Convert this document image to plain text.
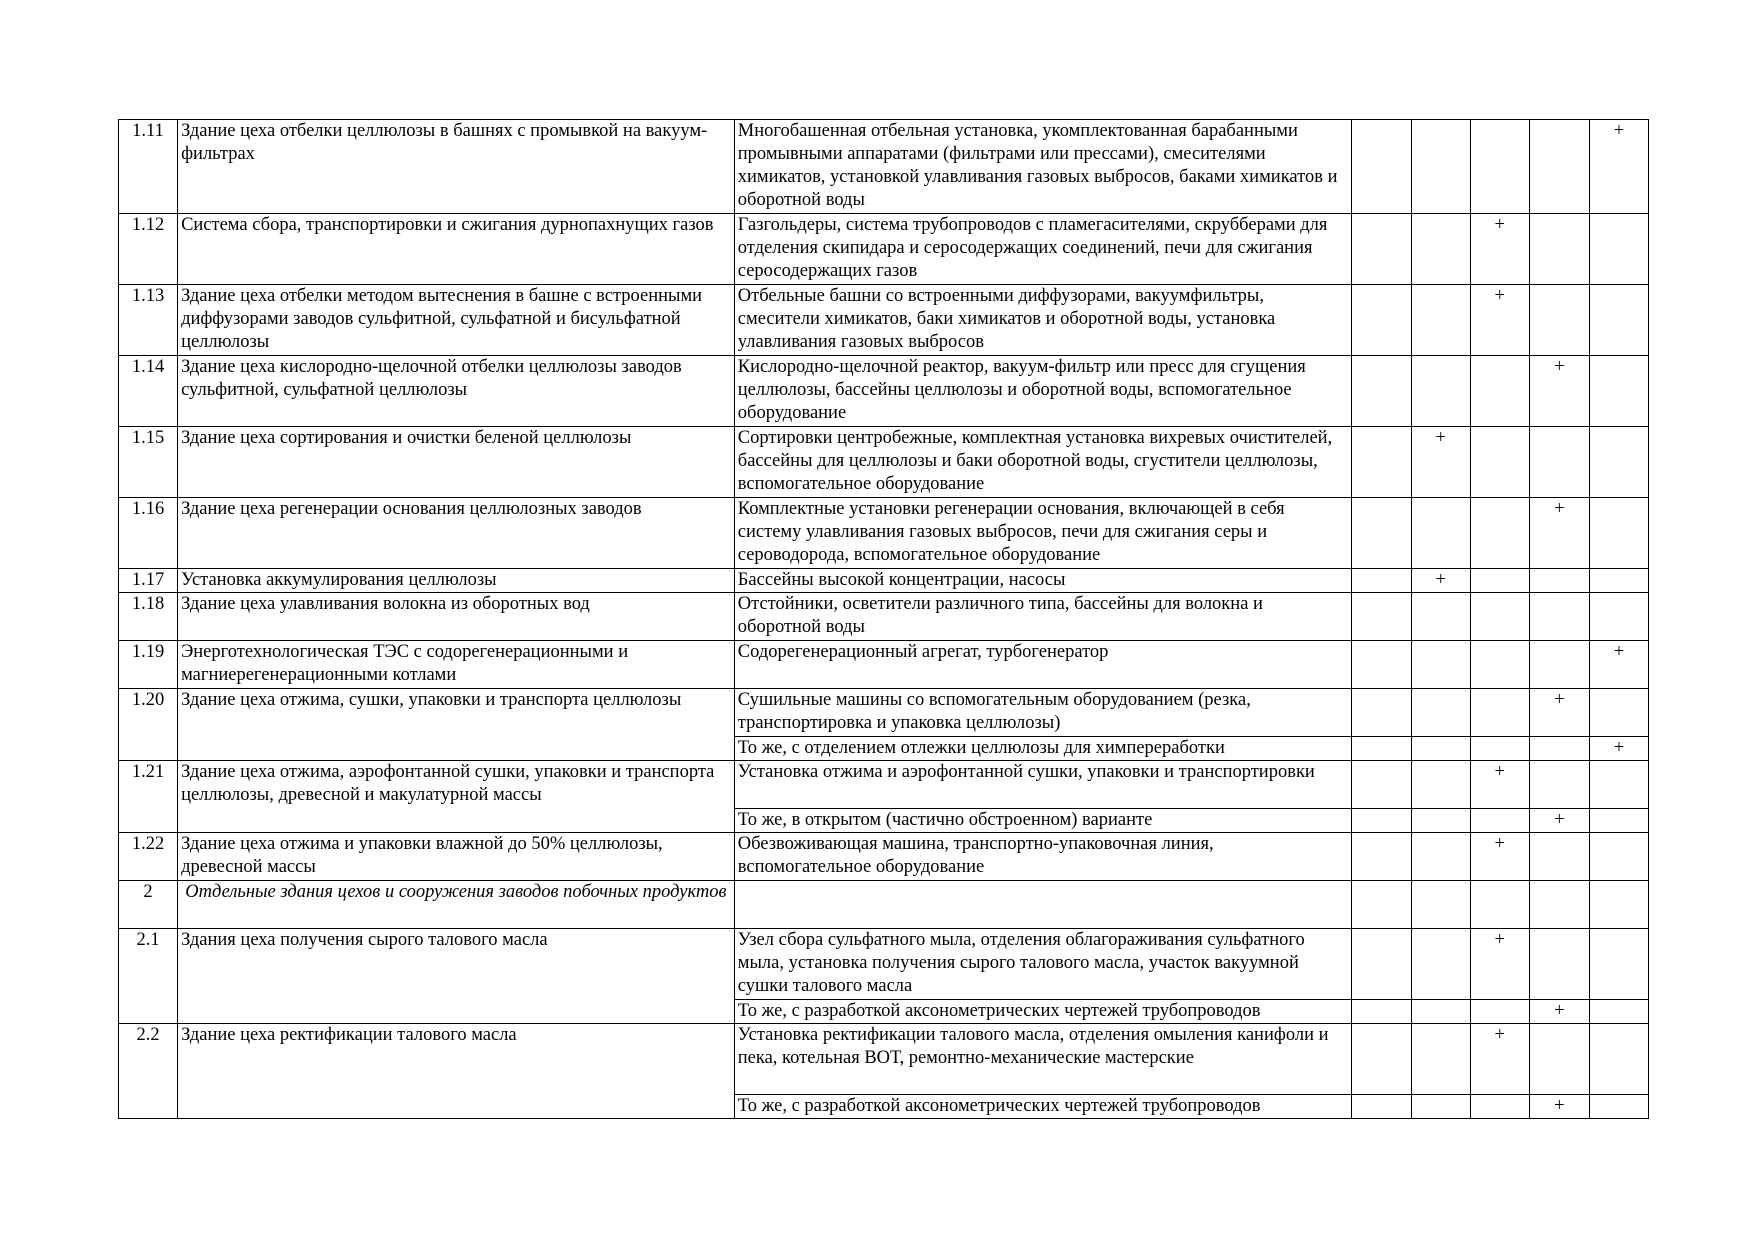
1.11	Здание цеха отбелки целлюлозы в башнях с промывкой на вакуум-фильтрах	Многобашенная отбельная установка, укомплектованная барабанными промывными аппаратами (фильтрами или прессами), смесителями химикатов, установкой улавливания газовых выбросов, баками химикатов и оборотной воды					+
1.12	Система сбора, транспортировки и сжигания дурнопахнущих газов	Газгольдеры, система трубопроводов с пламегасителями, скрубберами для отделения скипидара и серосодержащих соединений, печи для сжигания серосодержащих газов			+		
1.13	Здание цеха отбелки методом вытеснения в башне с встроенными диффузорами заводов сульфитной, сульфатной и бисульфатной целлюлозы	Отбельные башни со встроенными диффузорами, вакуумфильтры, смесители химикатов, баки химикатов и оборотной воды, установка улавливания газовых выбросов			+		
1.14	Здание цеха кислородно-щелочной отбелки целлюлозы заводов сульфитной, сульфатной целлюлозы	Кислородно-щелочной реактор, вакуум-фильтр или пресс для сгущения целлюлозы, бассейны целлюлозы и оборотной воды, вспомогательное оборудование				+	
1.15	Здание цеха сортирования и очистки беленой целлюлозы	Сортировки центробежные, комплектная установка вихревых очистителей, бассейны для целлюлозы и баки оборотной воды, сгустители целлюлозы, вспомогательное оборудование		+			
1.16	Здание цеха регенерации основания целлюлозных заводов	Комплектные установки регенерации основания, включающей в себя систему улавливания газовых выбросов, печи для сжигания серы и сероводорода, вспомогательное оборудование				+	
1.17	Установка аккумулирования целлюлозы	Бассейны высокой концентрации, насосы		+			
1.18	Здание цеха улавливания волокна из оборотных вод	Отстойники, осветители различного типа, бассейны для волокна и оборотной воды					
1.19	Энерготехнологическая ТЭС с содорегенерационными и магниерегенерационными котлами	Содорегенерационный агрегат, турбогенератор					+
1.20	Здание цеха отжима, сушки, упаковки и транспорта целлюлозы	Сушильные машины со вспомогательным оборудованием (резка, транспортировка и упаковка целлюлозы)				+	
		То же, с отделением отлежки целлюлозы для химпереработки					+
1.21	Здание цеха отжима, аэрофонтанной сушки, упаковки и транспорта целлюлозы, древесной и макулатурной массы	Установка отжима и аэрофонтанной сушки, упаковки и транспортировки			+		
		То же, в открытом (частично обстроенном) варианте				+	
1.22	Здание цеха отжима и упаковки влажной до 50% целлюлозы, древесной массы	Обезвоживающая машина, транспортно-упаковочная линия, вспомогательное оборудование			+		
2	Отдельные здания цехов и сооружения заводов побочных продуктов						
2.1	Здания цеха получения сырого талового масла	Узел сбора сульфатного мыла, отделения облагораживания сульфатного мыла, установка получения сырого талового масла, участок вакуумной сушки талового масла			+		
		То же, с разработкой аксонометрических чертежей трубопроводов				+	
2.2	Здание цеха ректификации талового масла	Установка ректификации талового масла, отделения омыления канифоли и пека, котельная ВОТ, ремонтно-механические мастерские			+		
		То же, с разработкой аксонометрических чертежей трубопроводов				+	
